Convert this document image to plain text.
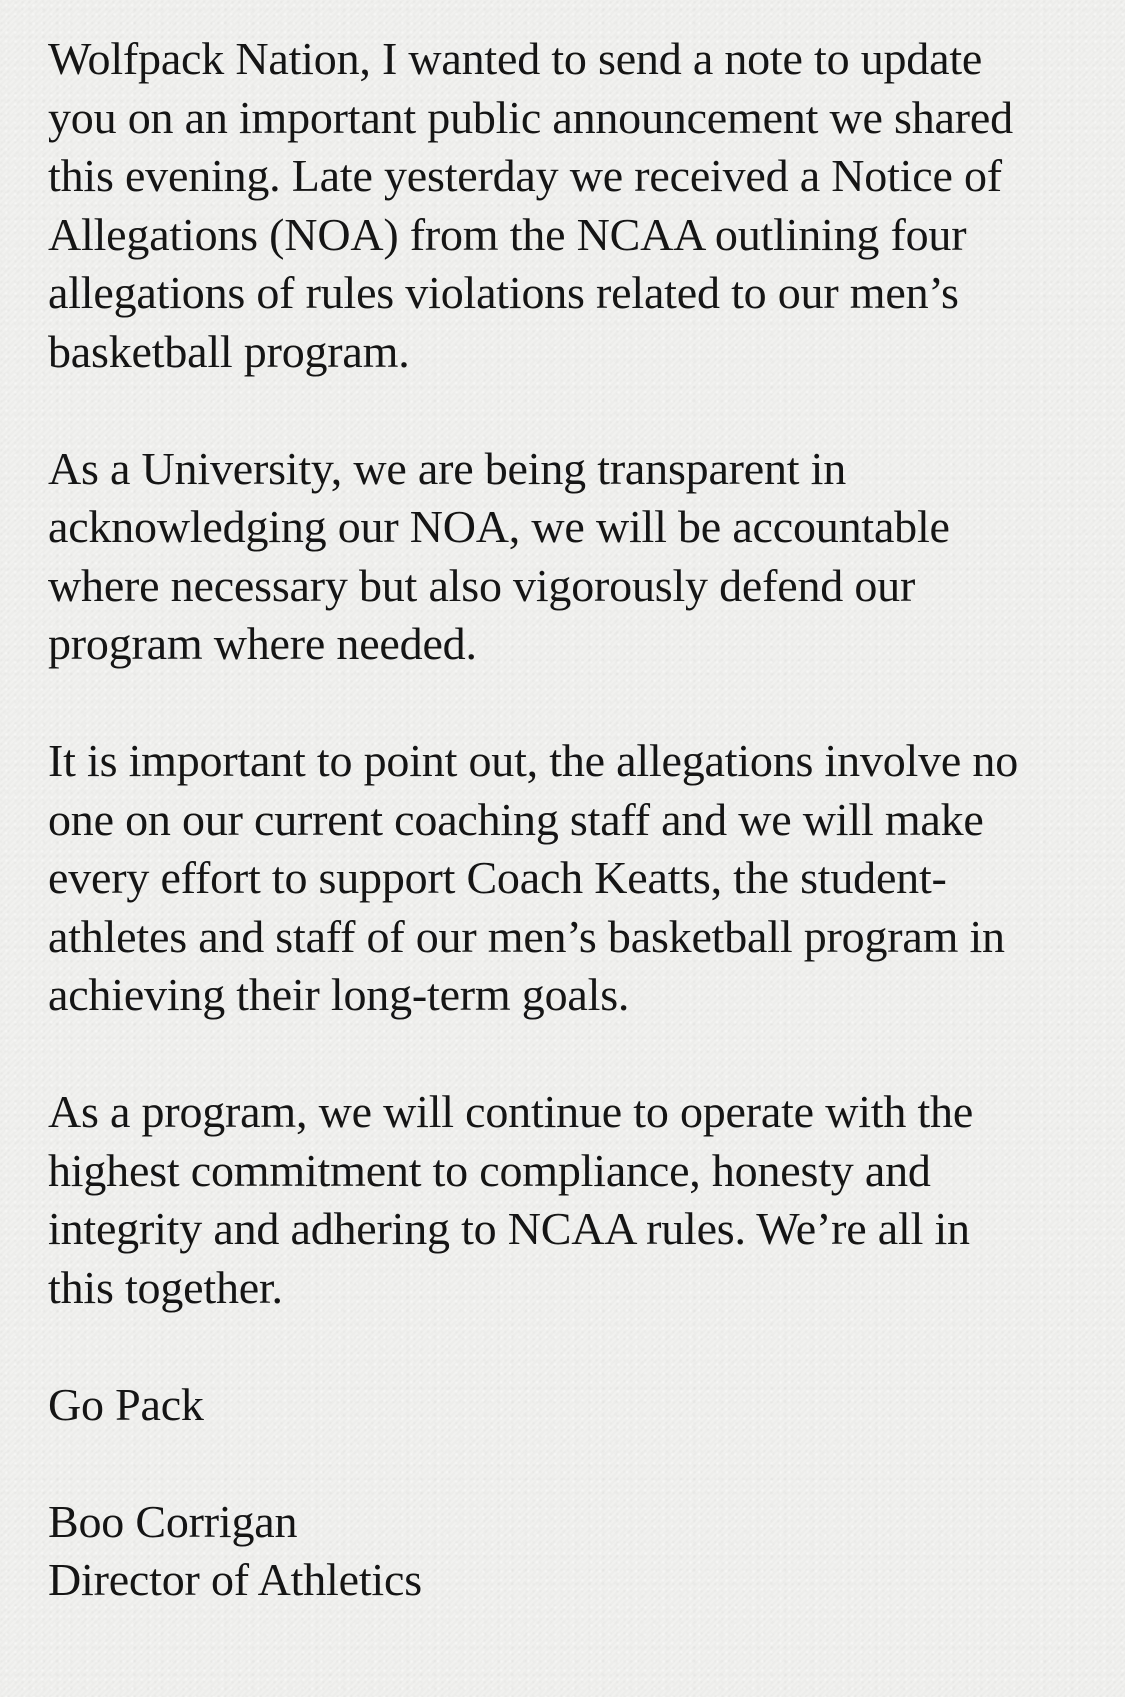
Wolfpack Nation, I wanted to send a note to update
you on an important public announcement we shared
this evening. Late yesterday we received a Notice of
Allegations (NOA) from the NCAA outlining four
allegations of rules violations related to our men’s
basketball program.

As a University, we are being transparent in
acknowledging our NOA, we will be accountable
where necessary but also vigorously defend our
program where needed.

It is important to point out, the allegations involve no
one on our current coaching staff and we will make
every effort to support Coach Keatts, the student-
athletes and staff of our men’s basketball program in
achieving their long-term goals.

As a program, we will continue to operate with the
highest commitment to compliance, honesty and
integrity and adhering to NCAA rules. We’re all in
this together.

Go Pack

Boo Corrigan
Director of Athletics
